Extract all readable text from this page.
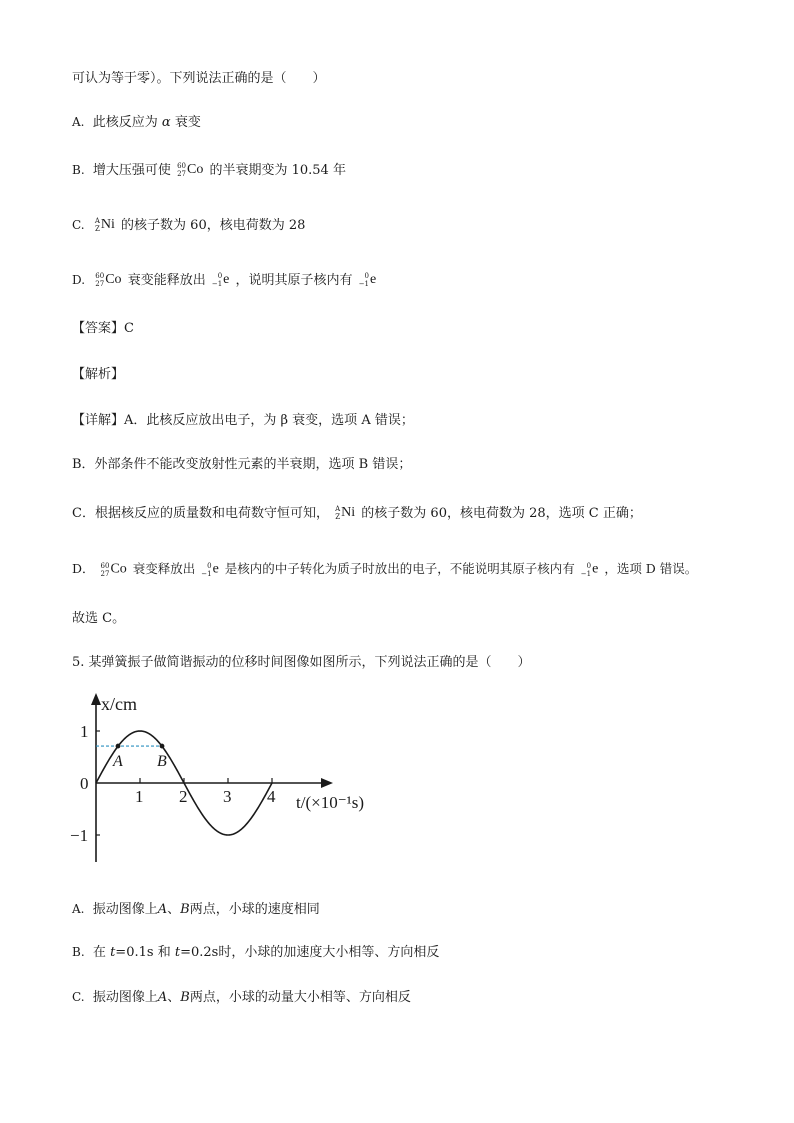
可认为等于零）。下列说法正确的是（　　）
A. 此核反应为 α 衰变
B. 增大压强可使 60
27 Co 的半衰期变为 10.54 年
C. A
Z Ni 的核子数为 60，核电荷数为 28
D. 60
27 Co 衰变能释放出	0
−1 e ，说明其原子核内有	0
−1 e
【答案】C
【解析】
【详解】A．此核反应放出电子，为 β 衰变，选项 A 错误；
B．外部条件不能改变放射性元素的半衰期，选项 B 错误；
C．根据核反应的质量数和电荷数守恒可知， A
Z Ni 的核子数为 60，核电荷数为 28，选项 C 正确；
D． 60
27 Co 衰变释放出	0
−1 e 是核内的中子转化为质子时放出的电子，不能说明其原子核内有	0
−1 e ，选项 D 错误。
故选 C。
5. 某弹簧振子做简谐振动的位移时间图像如图所示，下列说法正确的是（　　）
A B
1 2 3 4
1
0
−1
x/cm
t/(×10⁻¹s)
A. 振动图像上A、B两点，小球的速度相同
B. 在 t=0.1s 和 t=0.2s时，小球的加速度大小相等、方向相反
C. 振动图像上A、B两点，小球的动量大小相等、方向相反
